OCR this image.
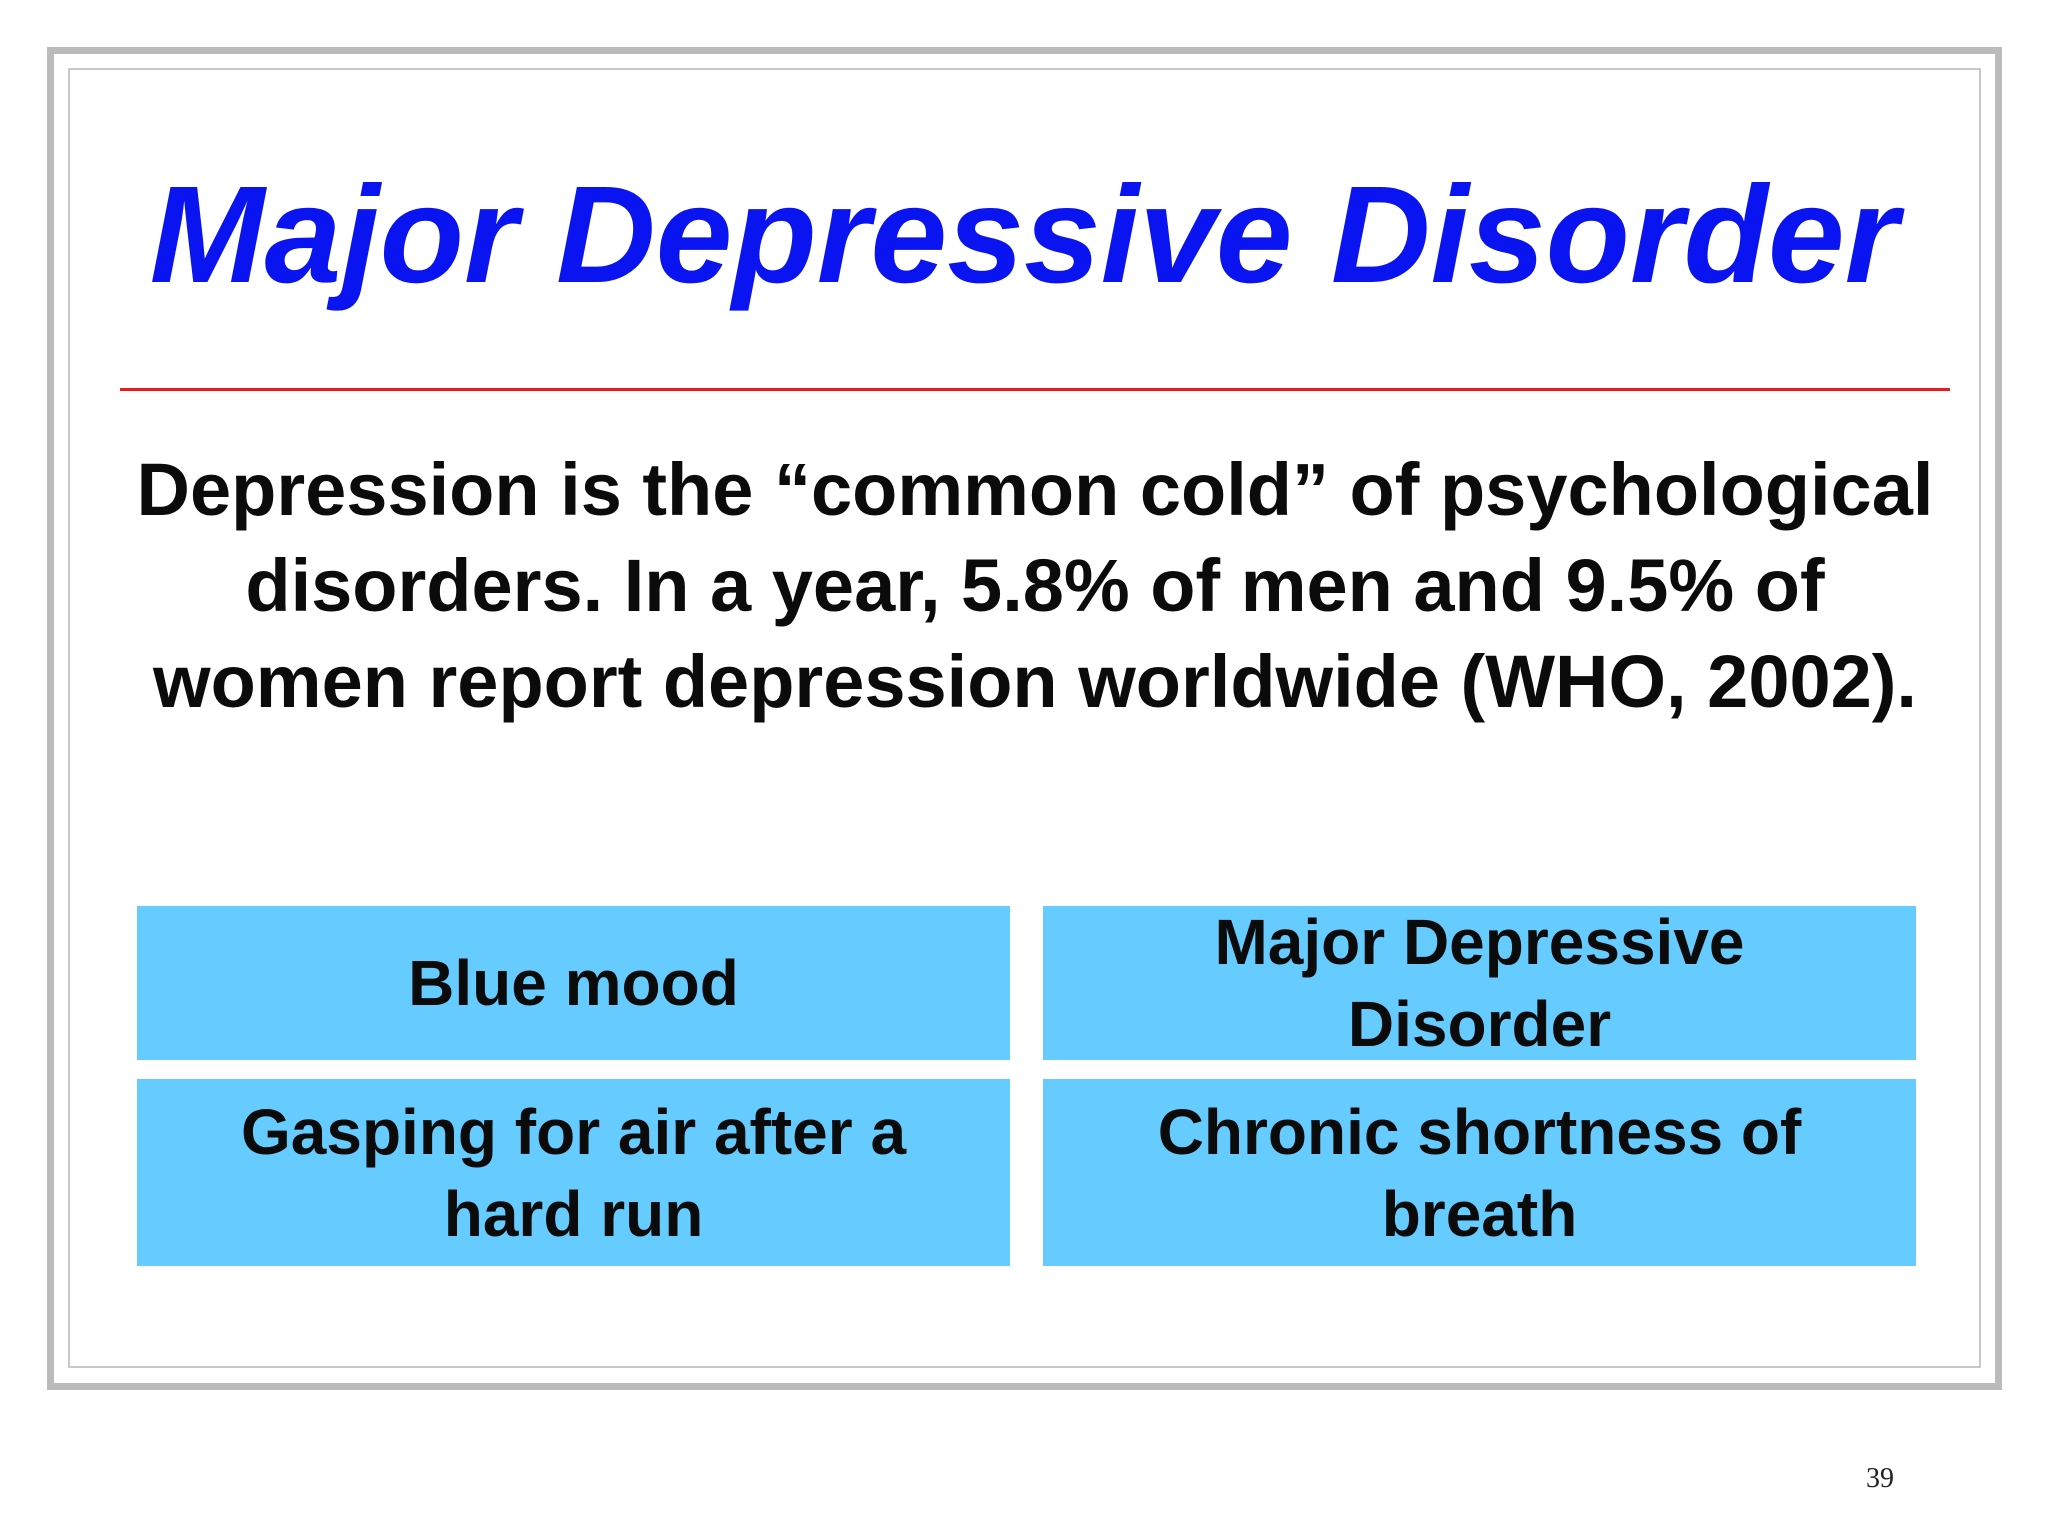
Major Depressive Disorder
Depression is the “common cold” of psychological disorders. In a year, 5.8% of men and 9.5% of women report depression worldwide (WHO, 2002).
Blue mood
Major Depressive Disorder
Gasping for air after a hard run
Chronic shortness of breath
39
